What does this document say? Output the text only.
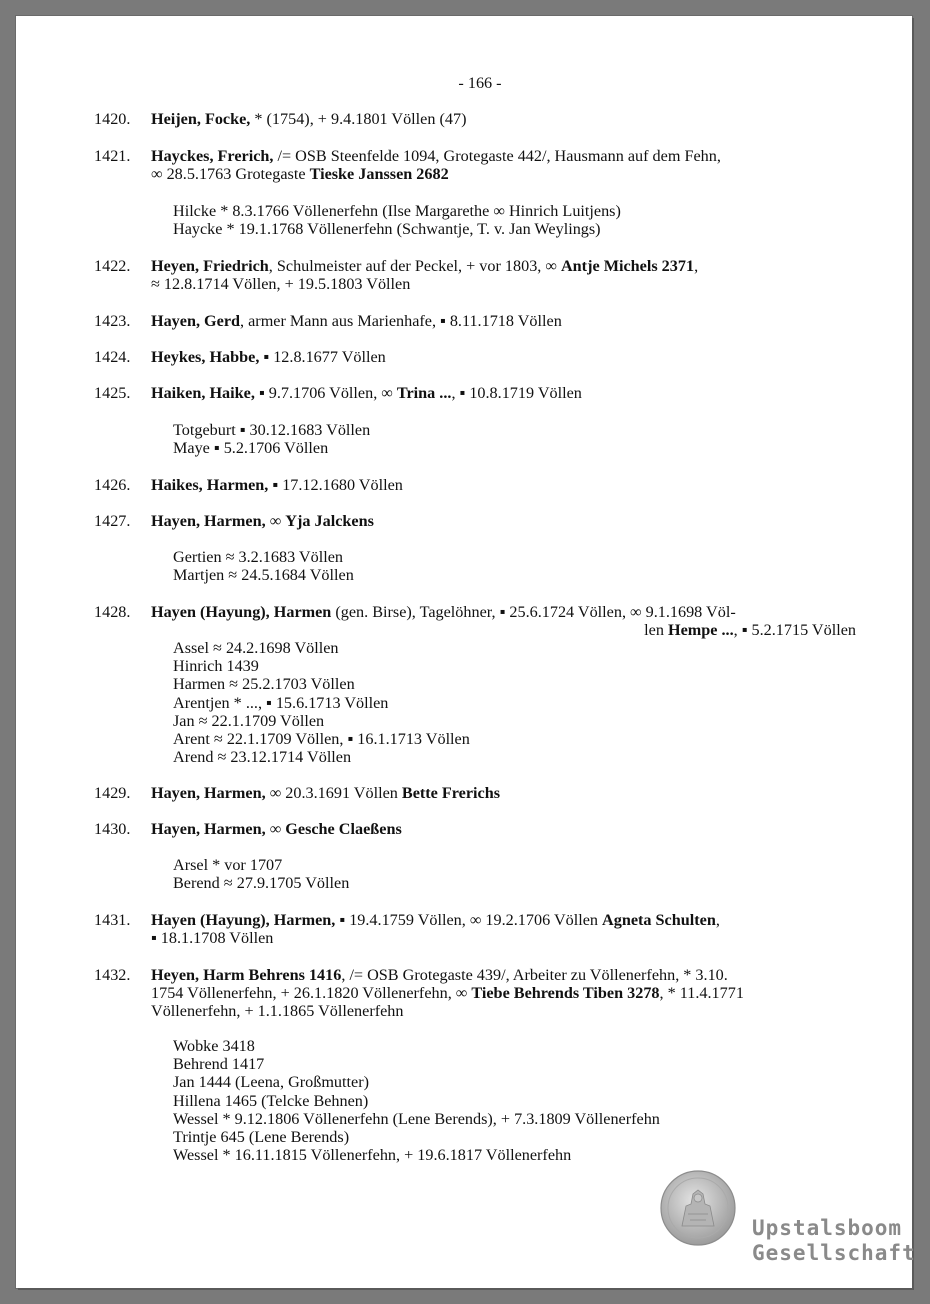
- 166 -
1420. Heijen, Focke, * (1754), + 9.4.1801 Völlen (47)
1421. Hayckes, Frerich, /= OSB Steenfelde 1094, Grotegaste 442/, Hausmann auf dem Fehn,
∞ 28.5.1763 Grotegaste Tieske Janssen 2682
Hilcke * 8.3.1766 Völlenerfehn (Ilse Margarethe ∞ Hinrich Luitjens)
Haycke * 19.1.1768 Völlenerfehn (Schwantje, T. v. Jan Weylings)
1422. Heyen, Friedrich, Schulmeister auf der Peckel, + vor 1803, ∞ Antje Michels 2371,
≈ 12.8.1714 Völlen, + 19.5.1803 Völlen
1423. Hayen, Gerd, armer Mann aus Marienhafe, ▪ 8.11.1718 Völlen
1424. Heykes, Habbe, ▪ 12.8.1677 Völlen
1425. Haiken, Haike, ▪ 9.7.1706 Völlen, ∞ Trina ..., ▪ 10.8.1719 Völlen
Totgeburt ▪ 30.12.1683 Völlen
Maye ▪ 5.2.1706 Völlen
1426. Haikes, Harmen, ▪ 17.12.1680 Völlen
1427. Hayen, Harmen, ∞ Yja Jalckens
Gertien ≈ 3.2.1683 Völlen
Martjen ≈ 24.5.1684 Völlen
1428. Hayen (Hayung), Harmen (gen. Birse), Tagelöhner, ▪ 25.6.1724 Völlen, ∞ 9.1.1698 Völ-
len Hempe ..., ▪ 5.2.1715 Völlen
Assel ≈ 24.2.1698 Völlen
Hinrich 1439
Harmen ≈ 25.2.1703 Völlen
Arentjen * ..., ▪ 15.6.1713 Völlen
Jan ≈ 22.1.1709 Völlen
Arent ≈ 22.1.1709 Völlen, ▪ 16.1.1713 Völlen
Arend ≈ 23.12.1714 Völlen
1429. Hayen, Harmen, ∞ 20.3.1691 Völlen Bette Frerichs
1430. Hayen, Harmen, ∞ Gesche Claeßens
Arsel * vor 1707
Berend ≈ 27.9.1705 Völlen
1431. Hayen (Hayung), Harmen, ▪ 19.4.1759 Völlen, ∞ 19.2.1706 Völlen Agneta Schulten,
▪ 18.1.1708 Völlen
1432. Heyen, Harm Behrens 1416, /= OSB Grotegaste 439/, Arbeiter zu Völlenerfehn, * 3.10.
1754 Völlenerfehn, + 26.1.1820 Völlenerfehn, ∞ Tiebe Behrends Tiben 3278, * 11.4.1771
Völlenerfehn, + 1.1.1865 Völlenerfehn
Wobke 3418
Behrend 1417
Jan 1444 (Leena, Großmutter)
Hillena 1465 (Telcke Behnen)
Wessel * 9.12.1806 Völlenerfehn (Lene Berends), + 7.3.1809 Völlenerfehn
Trintje 645 (Lene Berends)
Wessel * 16.11.1815 Völlenerfehn, + 19.6.1817 Völlenerfehn
Upstalsboom
Gesellschaft
